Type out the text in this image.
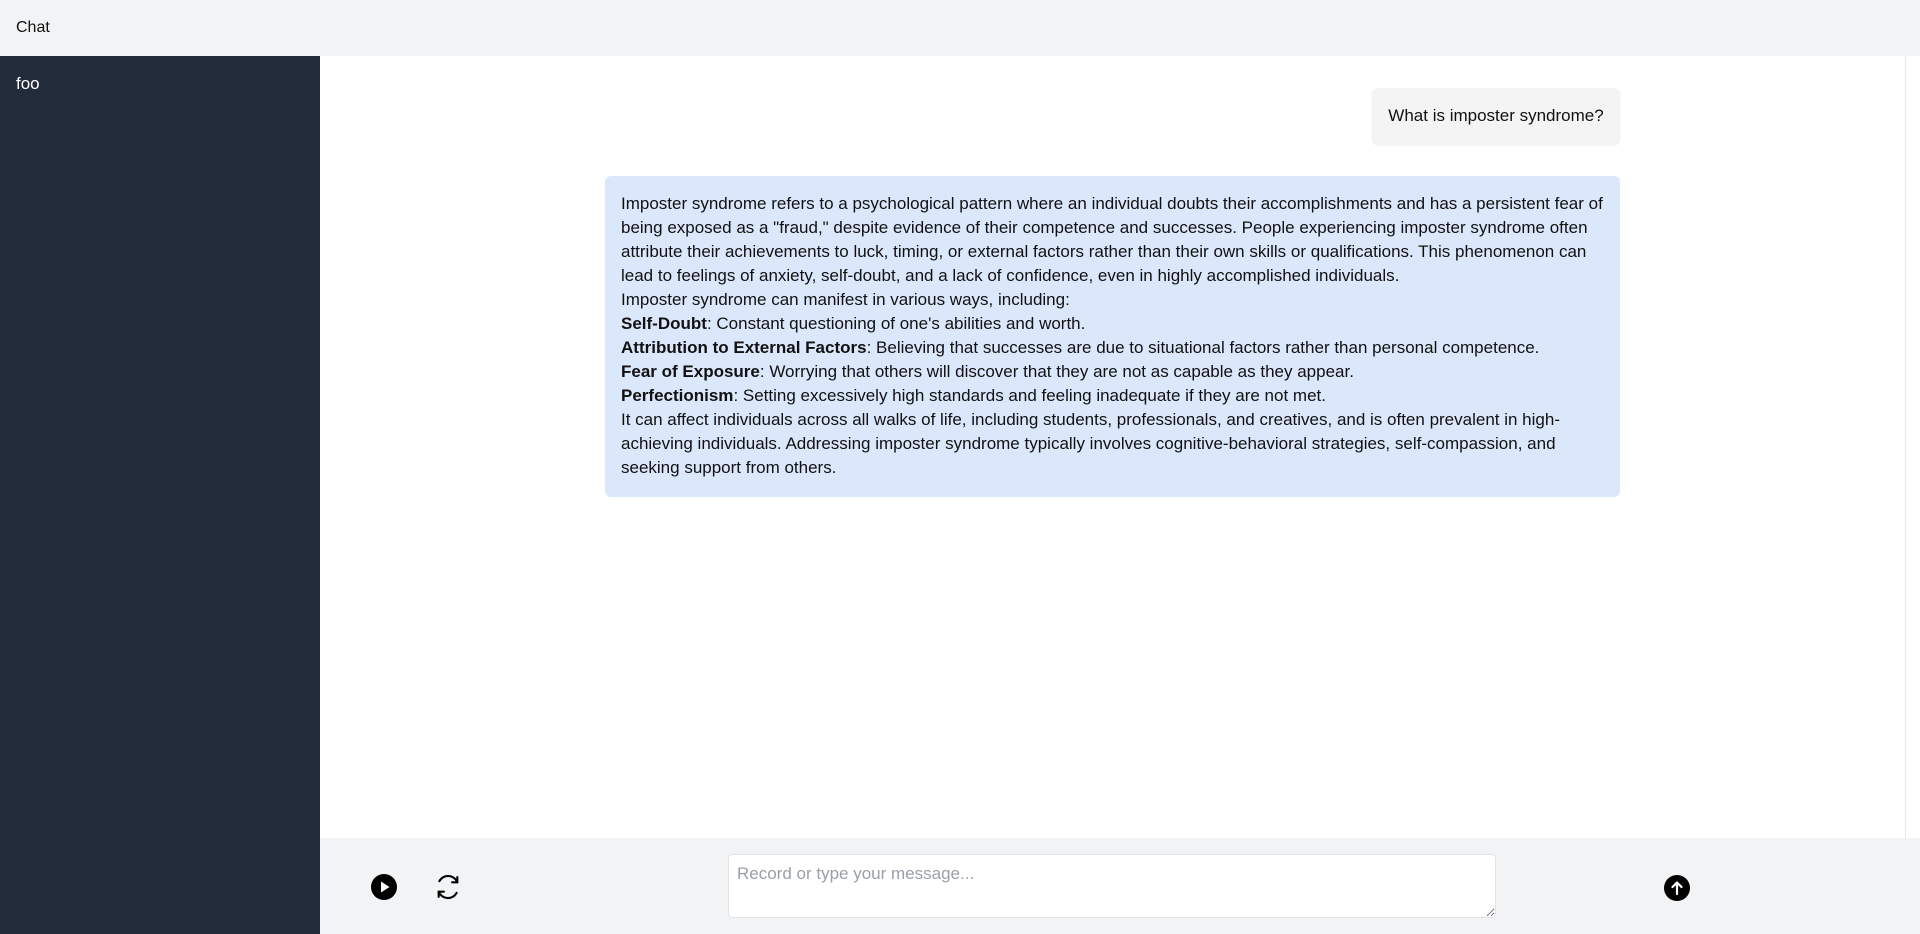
Chat
foo
What is imposter syndrome?

Imposter syndrome refers to a psychological pattern where an individual doubts their accomplishments and has a persistent fear of being exposed as a "fraud," despite evidence of their competence and successes. People experiencing imposter syndrome often attribute their achievements to luck, timing, or external factors rather than their own skills or qualifications. This phenomenon can lead to feelings of anxiety, self-doubt, and a lack of confidence, even in highly accomplished individuals.

Imposter syndrome can manifest in various ways, including:

Self-Doubt: Constant questioning of one's abilities and worth.

Attribution to External Factors: Believing that successes are due to situational factors rather than personal competence.

Fear of Exposure: Worrying that others will discover that they are not as capable as they appear.

Perfectionism: Setting excessively high standards and feeling inadequate if they are not met.

It can affect individuals across all walks of life, including students, professionals, and creatives, and is often prevalent in high-achieving individuals. Addressing imposter syndrome typically involves cognitive-behavioral strategies, self-compassion, and seeking support from others.

Record or type your message...
